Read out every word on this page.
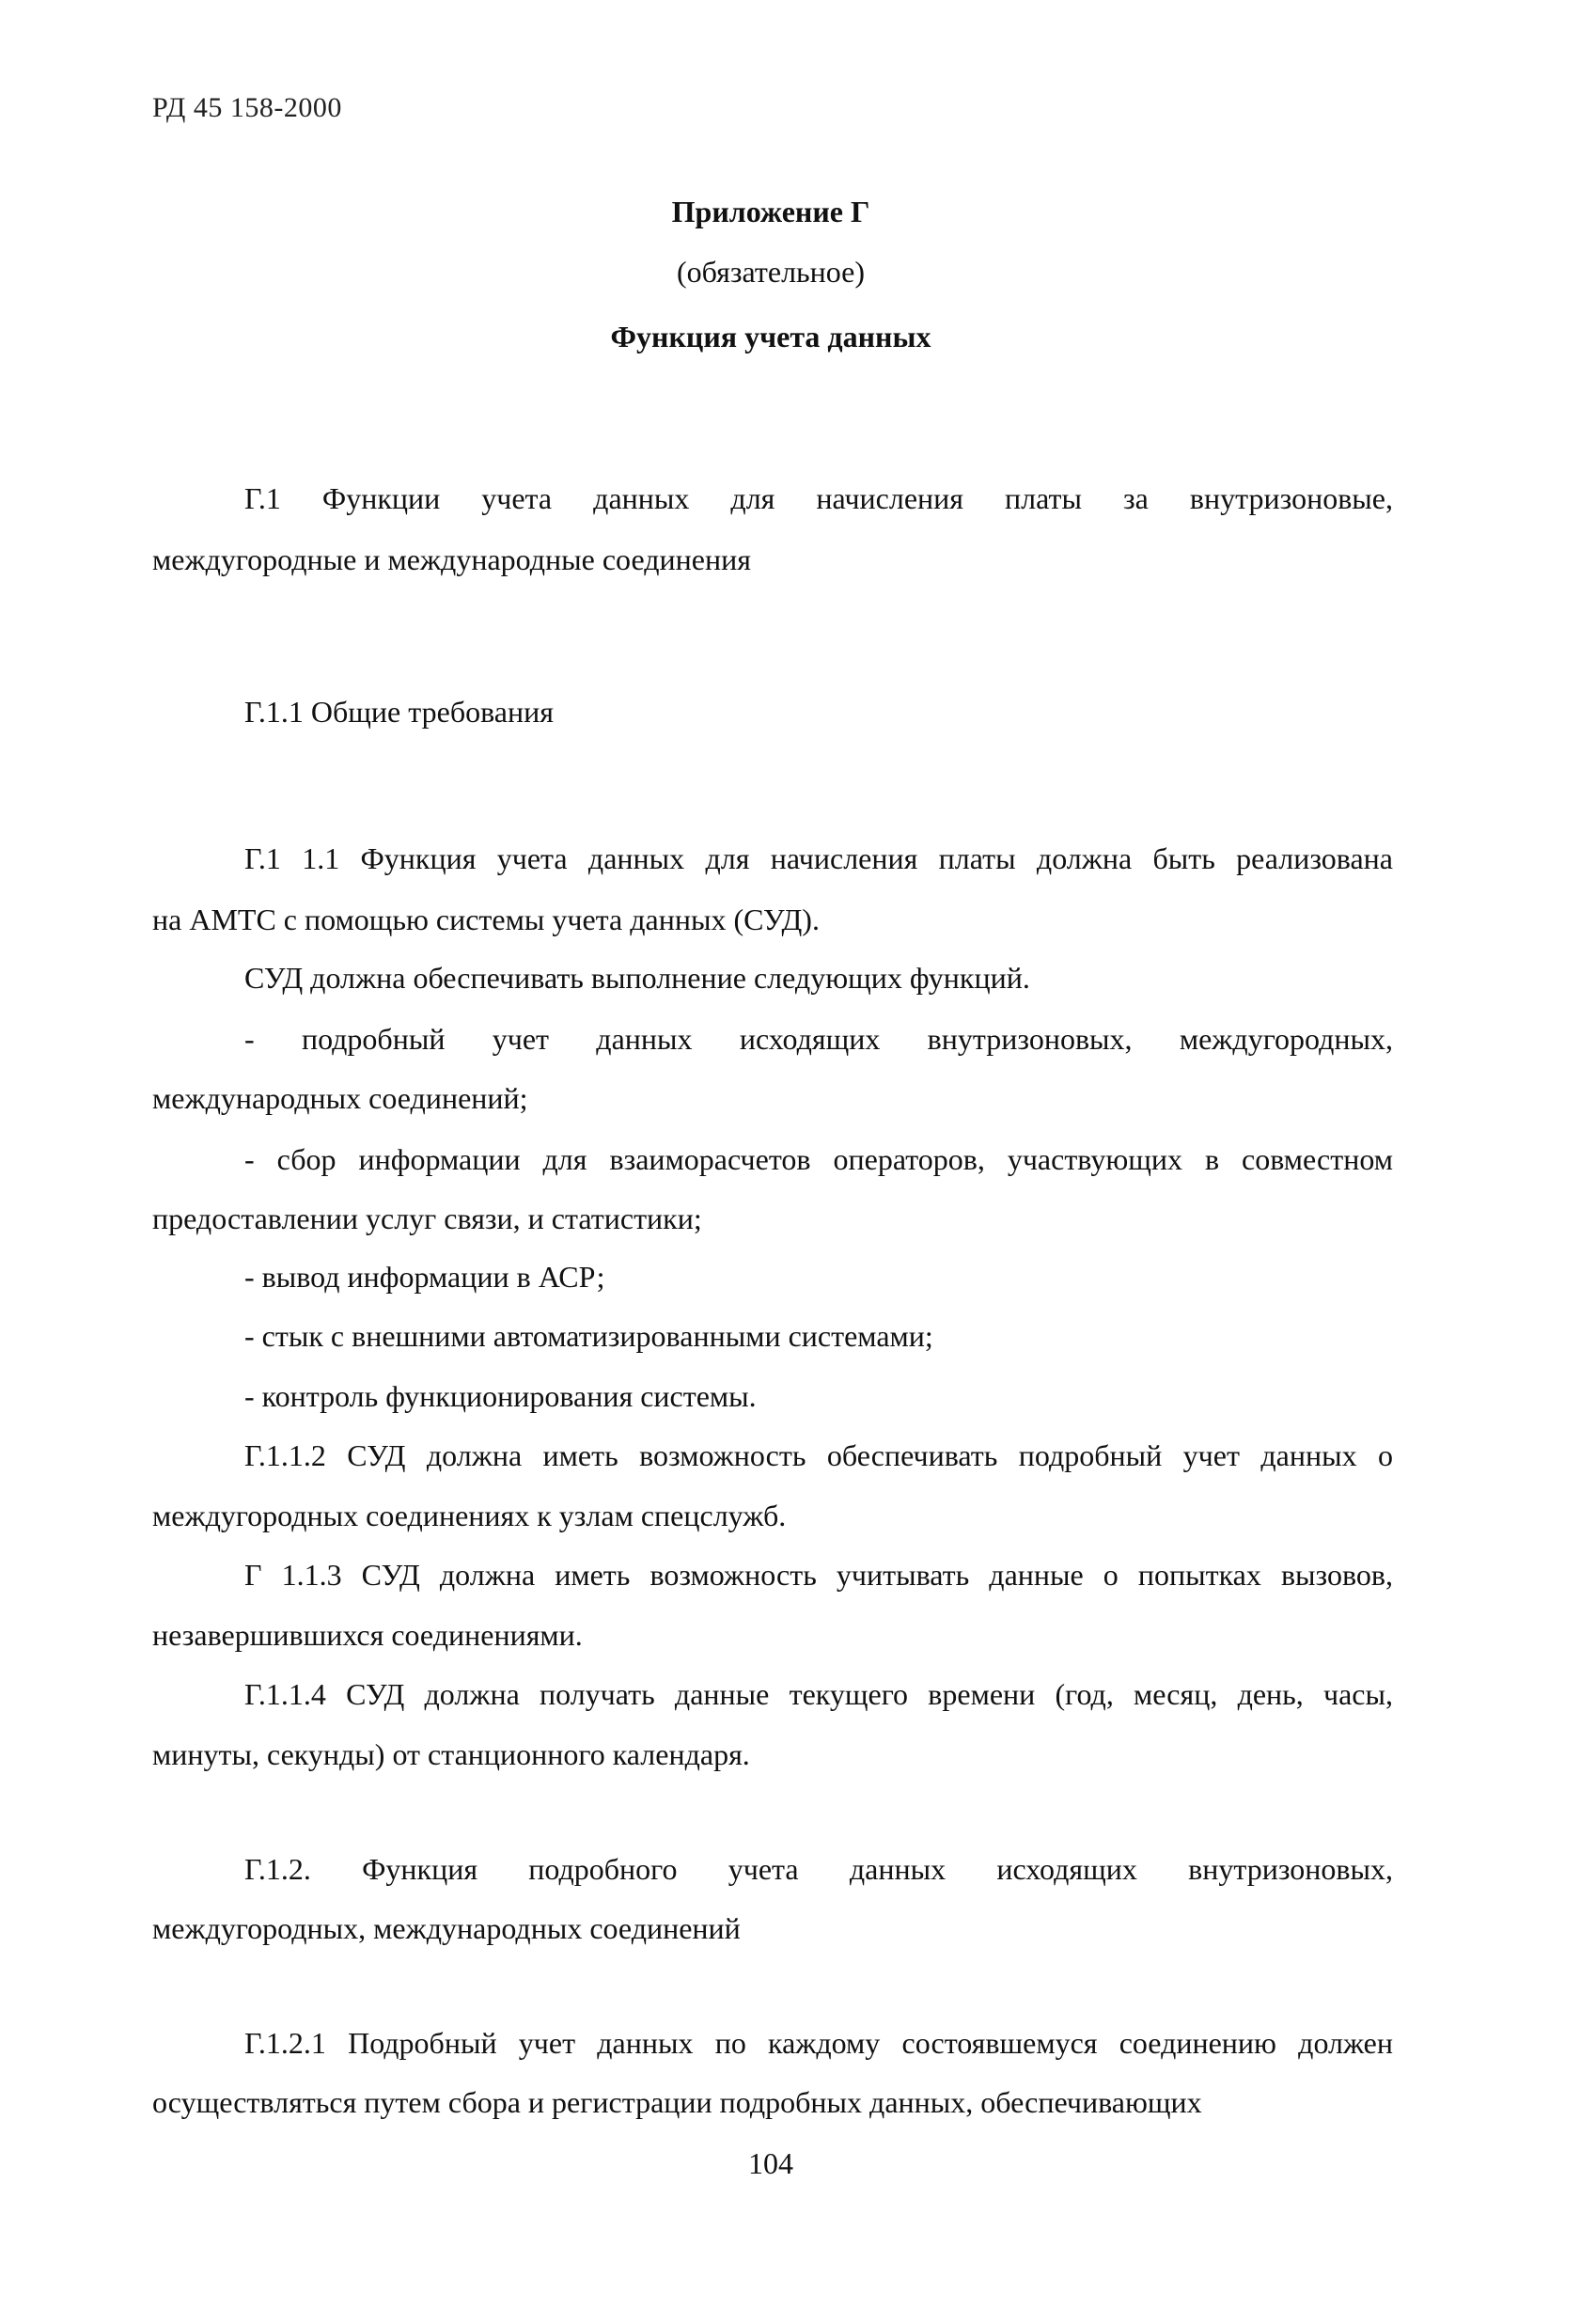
РД 45 158-2000
Приложение Г
(обязательное)
Функция учета данных
Г.1 Функции учета данных для начисления платы за внутризоновые,
междугородные и международные соединения
Г.1.1 Общие требования
Г.1 1.1 Функция учета данных для начисления платы должна быть реализована
на АМТС с помощью системы учета данных (СУД).
СУД должна обеспечивать выполнение следующих функций.
- подробный учет данных исходящих внутризоновых, междугородных,
международных соединений;
- сбор информации для взаиморасчетов операторов, участвующих в совместном
предоставлении услуг связи, и статистики;
- вывод информации в АСР;
- стык с внешними автоматизированными системами;
- контроль функционирования системы.
Г.1.1.2 СУД должна иметь возможность обеспечивать подробный учет данных о
междугородных соединениях к узлам спецслужб.
Г 1.1.3 СУД должна иметь возможность учитывать данные о попытках вызовов,
незавершившихся соединениями.
Г.1.1.4 СУД должна получать данные текущего времени (год, месяц, день, часы,
минуты, секунды) от станционного календаря.
Г.1.2. Функция подробного учета данных исходящих внутризоновых,
междугородных, международных соединений
Г.1.2.1 Подробный учет данных по каждому состоявшемуся соединению должен
осуществляться путем сбора и регистрации подробных данных, обеспечивающих
104
